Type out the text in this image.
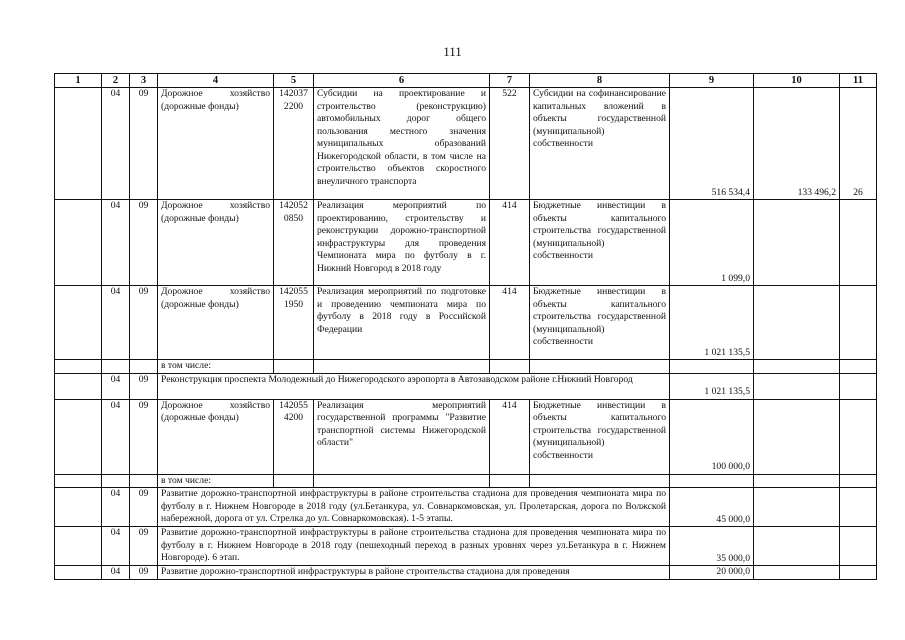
111
1	2	3	4	5	6	7	8	9	10	11
	04	09	Дорожное хозяйство (дорожные фонды)	142037 2200	Субсидии на проектирование и строительство (реконструкцию) автомобильных дорог общего пользования местного значения муниципальных образований Нижегородской области, в том числе на строительство объектов скоростного внеуличного транспорта	522	Субсидии на софинансирование капитальных вложений в объекты государственной (муниципальной) собственности	516 534,4	133 496,2	26
	04	09	Дорожное хозяйство (дорожные фонды)	142052 0850	Реализация мероприятий по проектированию, строительству и реконструкции дорожно-транспортной инфраструктуры для проведения Чемпионата мира по футболу в г. Нижний Новгород в 2018 году	414	Бюджетные инвестиции в объекты капитального строительства государственной (муниципальной) собственности	1 099,0		
	04	09	Дорожное хозяйство (дорожные фонды)	142055 1950	Реализация мероприятий по подготовке и проведению чемпионата мира по футболу в 2018 году в Российской Федерации	414	Бюджетные инвестиции в объекты капитального строительства государственной (муниципальной) собственности	1 021 135,5		
			в том числе:							
	04	09	Реконструкция проспекта Молодежный до Нижегородского аэропорта в Автозаводском районе г.Нижний Новгород					1 021 135,5		
	04	09	Дорожное хозяйство (дорожные фонды)	142055 4200	Реализация мероприятий государственной программы "Развитие транспортной системы Нижегородской области"	414	Бюджетные инвестиции в объекты капитального строительства государственной (муниципальной) собственности	100 000,0		
			в том числе:							
	04	09	Развитие дорожно-транспортной инфраструктуры в районе строительства стадиона для проведения чемпионата мира по футболу в г. Нижнем Новгороде в 2018 году (ул.Бетанкура, ул. Совнаркомовская, ул. Пролетарская, дорога по Волжской набережной, дорога от ул. Стрелка до ул. Совнаркомовская). 1-5 этапы.					45 000,0		
	04	09	Развитие дорожно-транспортной инфраструктуры в районе строительства стадиона для проведения чемпионата мира по футболу в г. Нижнем Новгороде в 2018 году (пешеходный переход в разных уровнях через ул.Бетанкура в г. Нижнем Новгороде). 6 этап.					35 000,0		
	04	09	Развитие дорожно-транспортной инфраструктуры в районе строительства стадиона для проведения					20 000,0		
